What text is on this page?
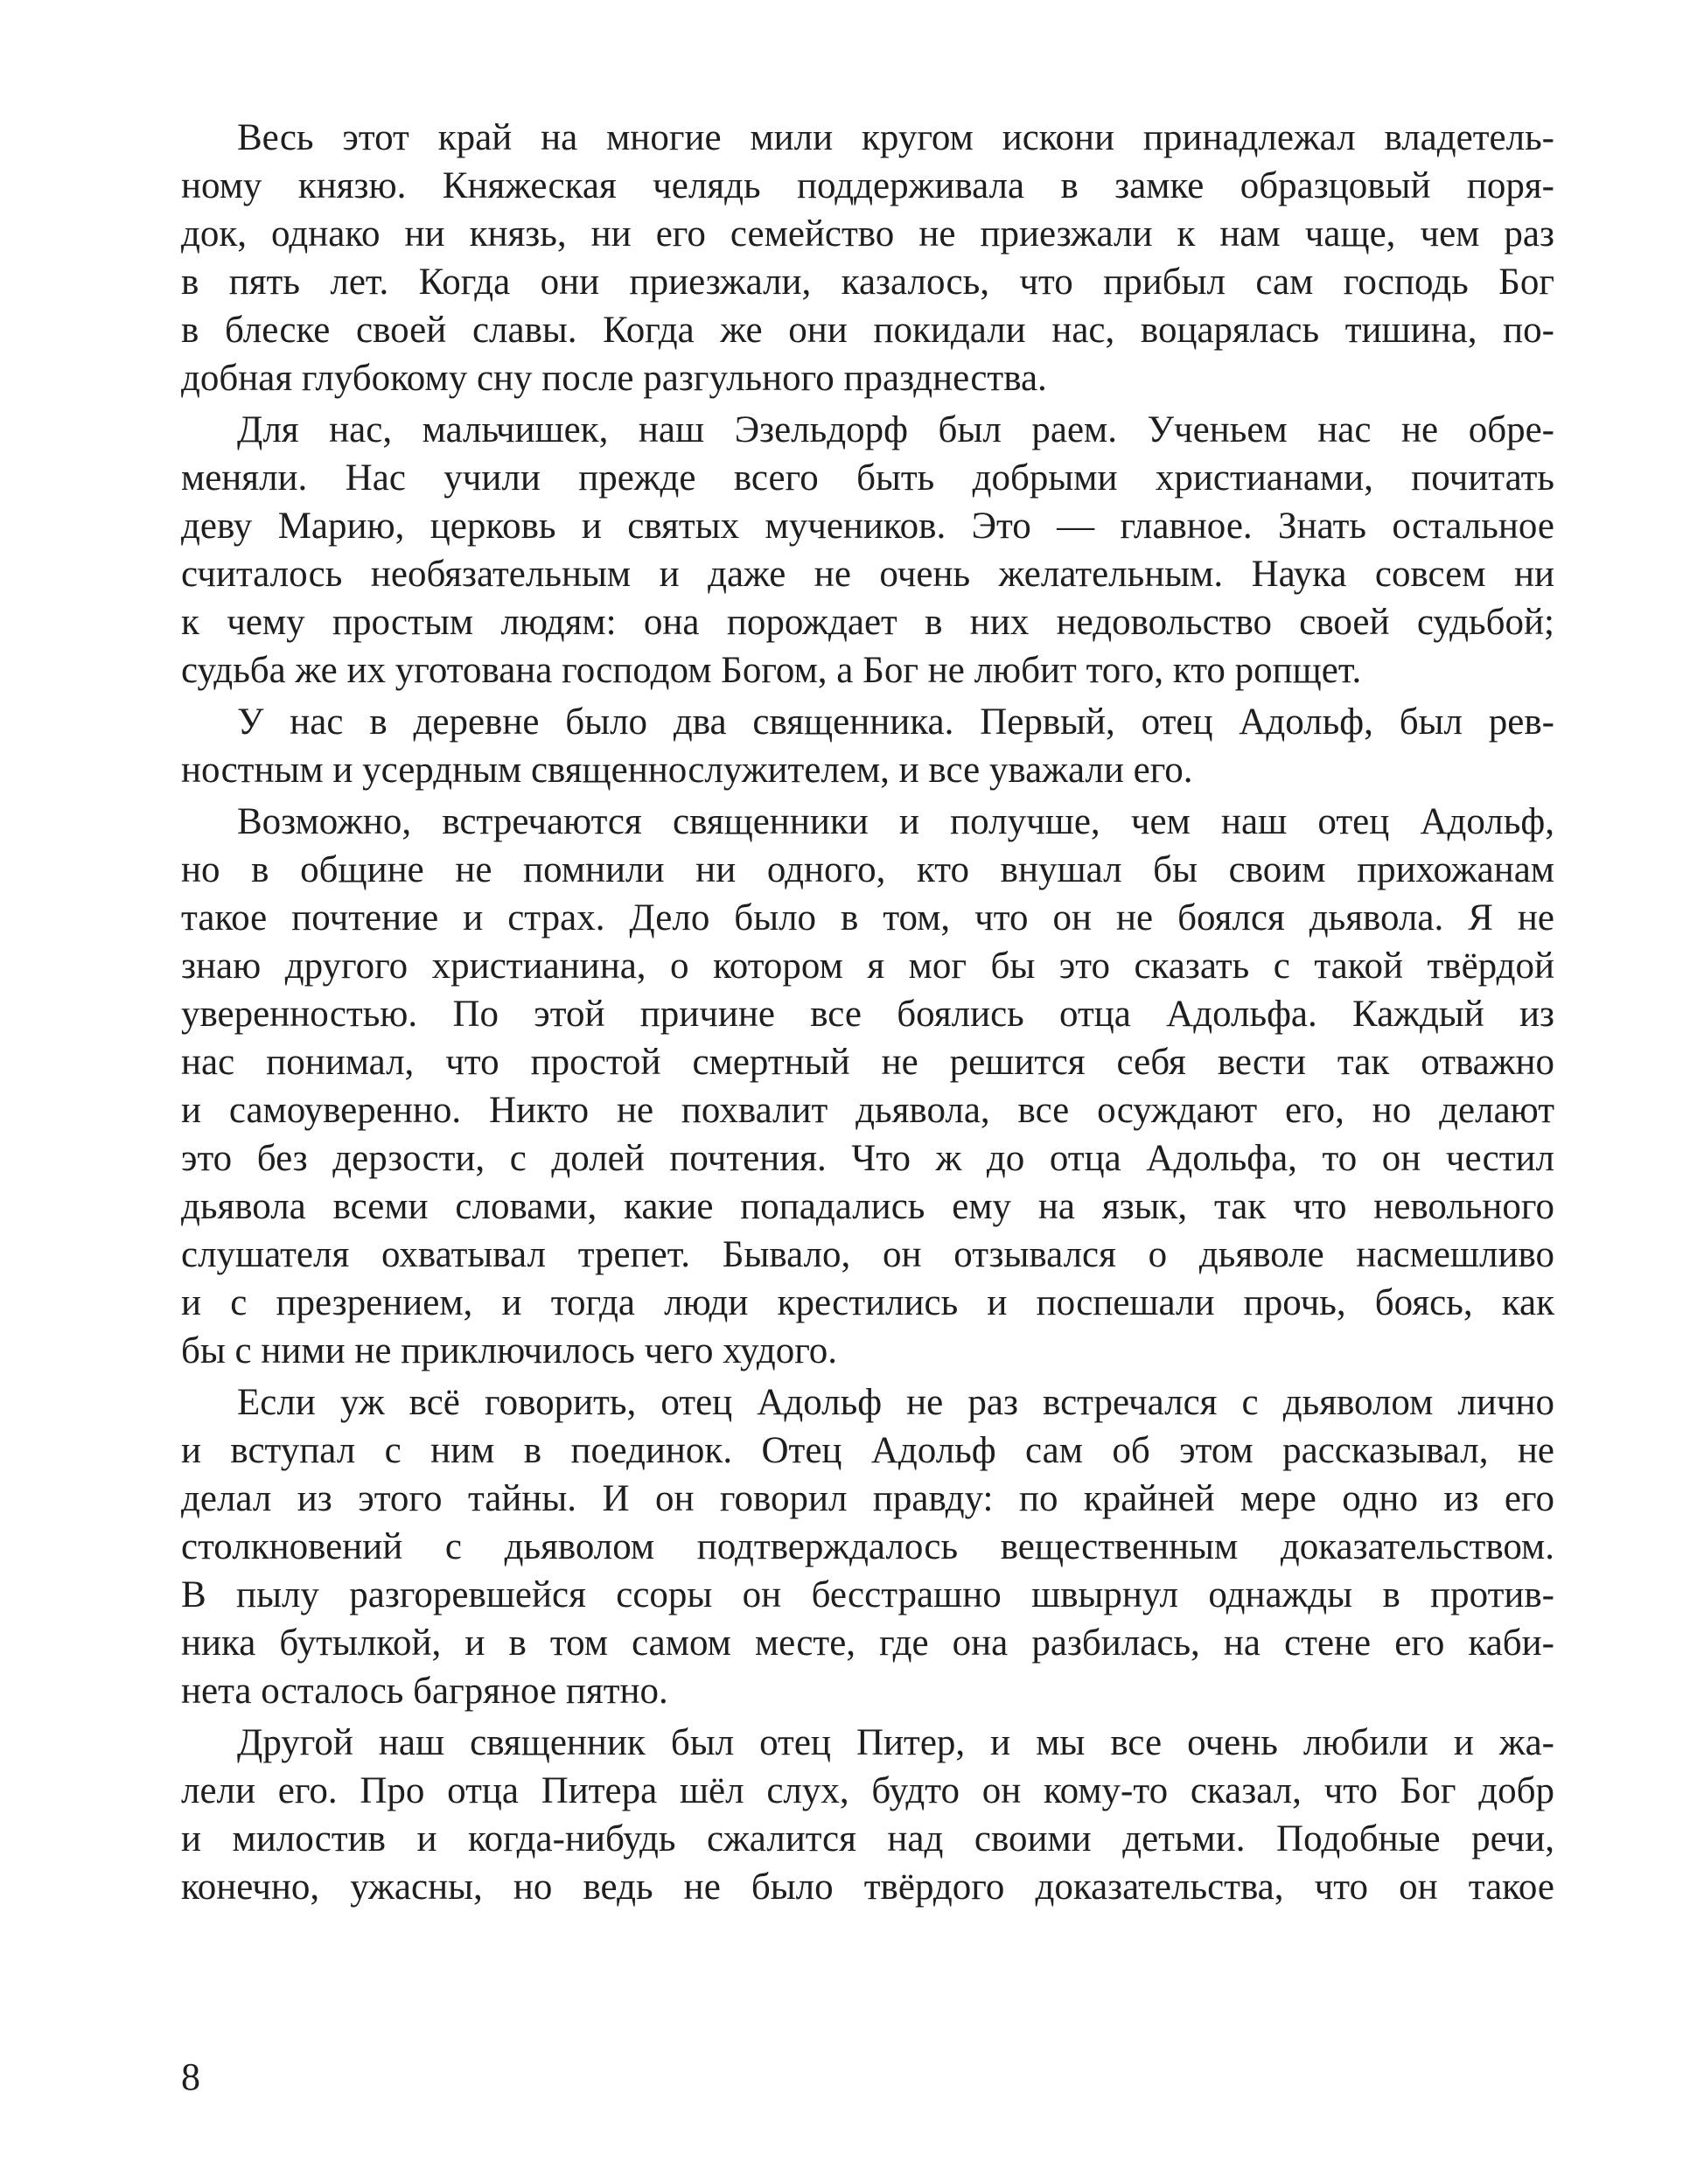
Весь этот край на многие мили кругом искони принадлежал владетель-
ному князю. Княжеская челядь поддерживала в замке образцовый поря-
док, однако ни князь, ни его семейство не приезжали к нам чаще, чем раз
в пять лет. Когда они приезжали, казалось, что прибыл сам господь Бог
в блеске своей славы. Когда же они покидали нас, воцарялась тишина, по-
добная глубокому сну после разгульного празднества.
Для нас, мальчишек, наш Эзельдорф был раем. Ученьем нас не обре-
меняли. Нас учили прежде всего быть добрыми христианами, почитать
деву Марию, церковь и святых мучеников. Это — главное. Знать остальное
считалось необязательным и даже не очень желательным. Наука совсем ни
к чему простым людям: она порождает в них недовольство своей судьбой;
судьба же их уготована господом Богом, а Бог не любит того, кто ропщет.
У нас в деревне было два священника. Первый, отец Адольф, был рев-
ностным и усердным священнослужителем, и все уважали его.
Возможно, встречаются священники и получше, чем наш отец Адольф,
но в общине не помнили ни одного, кто внушал бы своим прихожанам
такое почтение и страх. Дело было в том, что он не боялся дьявола. Я не
знаю другого христианина, о котором я мог бы это сказать с такой твёрдой
уверенностью. По этой причине все боялись отца Адольфа. Каждый из
нас понимал, что простой смертный не решится себя вести так отважно
и самоуверенно. Никто не похвалит дьявола, все осуждают его, но делают
это без дерзости, с долей почтения. Что ж до отца Адольфа, то он честил
дьявола всеми словами, какие попадались ему на язык, так что невольного
слушателя охватывал трепет. Бывало, он отзывался о дьяволе насмешливо
и с презрением, и тогда люди крестились и поспешали прочь, боясь, как
бы с ними не приключилось чего худого.
Если уж всё говорить, отец Адольф не раз встречался с дьяволом лично
и вступал с ним в поединок. Отец Адольф сам об этом рассказывал, не
делал из этого тайны. И он говорил правду: по крайней мере одно из его
столкновений с дьяволом подтверждалось вещественным доказательством.
В пылу разгоревшейся ссоры он бесстрашно швырнул однажды в против-
ника бутылкой, и в том самом месте, где она разбилась, на стене его каби-
нета осталось багряное пятно.
Другой наш священник был отец Питер, и мы все очень любили и жа-
лели его. Про отца Питера шёл слух, будто он кому-то сказал, что Бог добр
и милостив и когда-нибудь сжалится над своими детьми. Подобные речи,
конечно, ужасны, но ведь не было твёрдого доказательства, что он такое
8
